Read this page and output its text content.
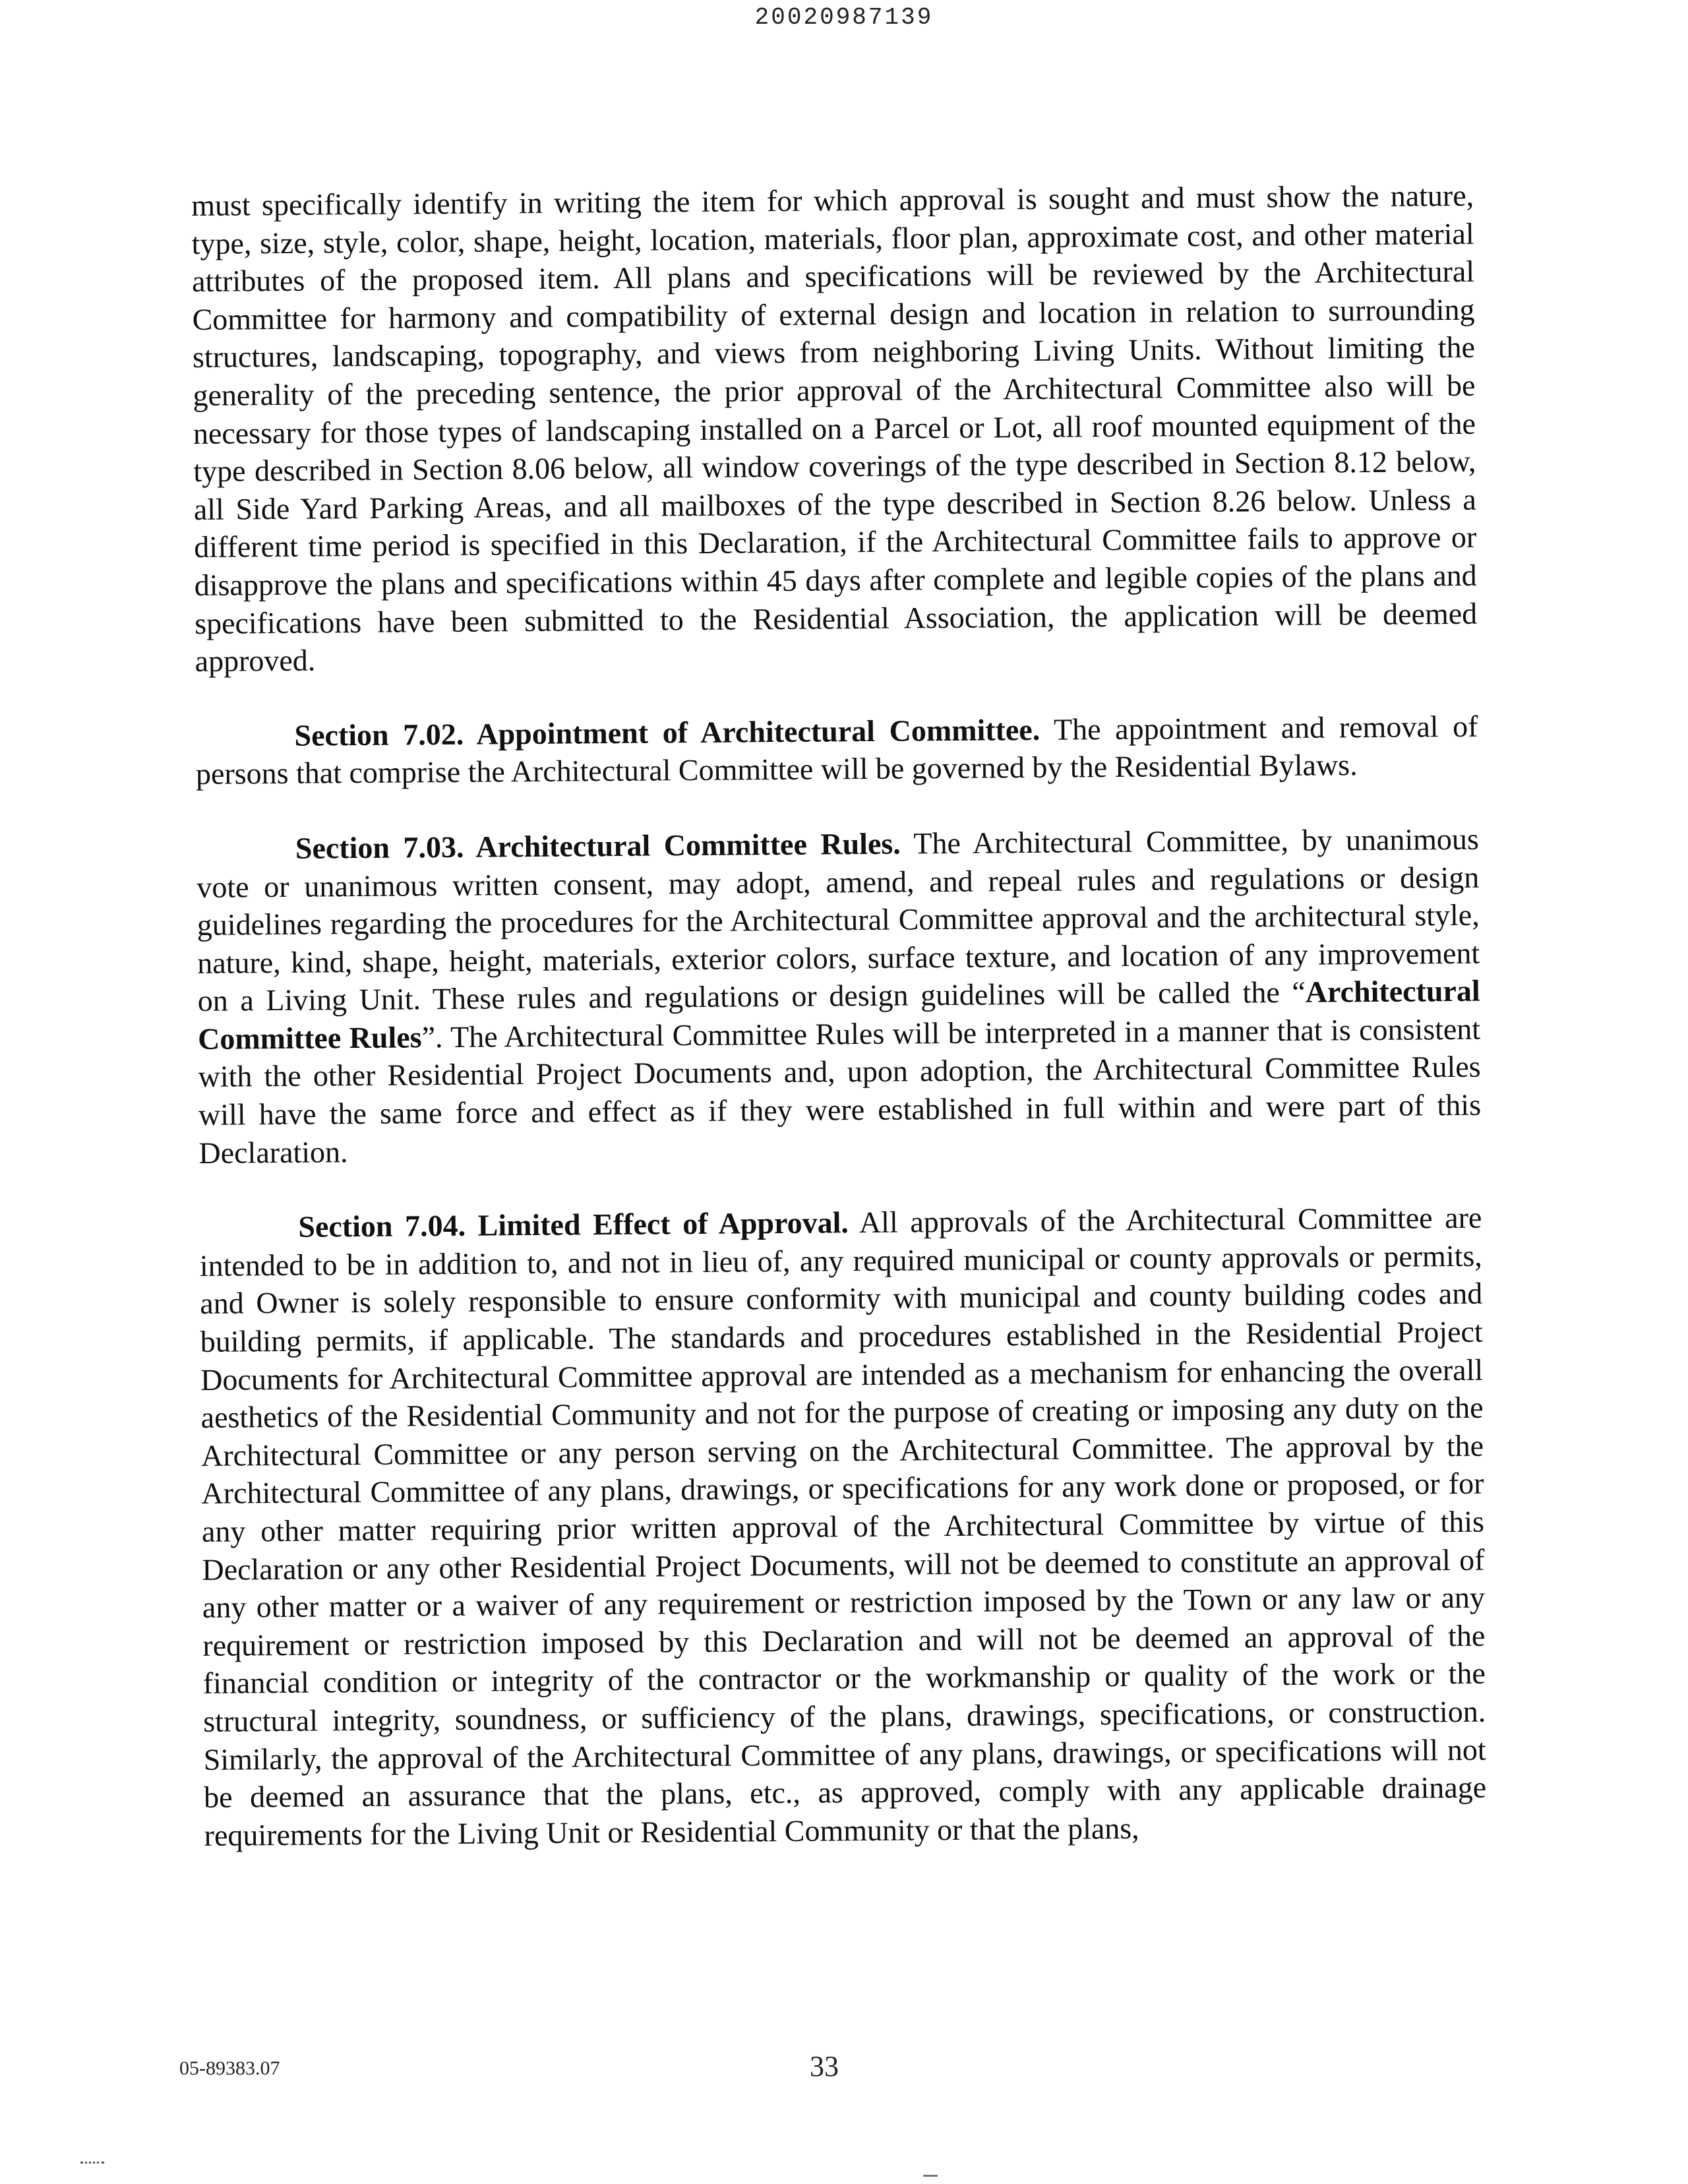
20020987139

must specifically identify in writing the item for which approval is sought and must show the nature, type, size, style, color, shape, height, location, materials, floor plan, approximate cost, and other material attributes of the proposed item. All plans and specifications will be reviewed by the Architectural Committee for harmony and compatibility of external design and location in relation to surrounding structures, landscaping, topography, and views from neighboring Living Units. Without limiting the generality of the preceding sentence, the prior approval of the Architectural Committee also will be necessary for those types of landscaping installed on a Parcel or Lot, all roof mounted equipment of the type described in Section 8.06 below, all window coverings of the type described in Section 8.12 below, all Side Yard Parking Areas, and all mailboxes of the type described in Section 8.26 below. Unless a different time period is specified in this Declaration, if the Architectural Committee fails to approve or disapprove the plans and specifications within 45 days after complete and legible copies of the plans and specifications have been submitted to the Residential Association, the application will be deemed approved.

Section 7.02. Appointment of Architectural Committee. The appointment and removal of persons that comprise the Architectural Committee will be governed by the Residential Bylaws.

Section 7.03. Architectural Committee Rules. The Architectural Committee, by unanimous vote or unanimous written consent, may adopt, amend, and repeal rules and regulations or design guidelines regarding the procedures for the Architectural Committee approval and the architectural style, nature, kind, shape, height, materials, exterior colors, surface texture, and location of any improvement on a Living Unit. These rules and regulations or design guidelines will be called the “Architectural Committee Rules”. The Architectural Committee Rules will be interpreted in a manner that is consistent with the other Residential Project Documents and, upon adoption, the Architectural Committee Rules will have the same force and effect as if they were established in full within and were part of this Declaration.

Section 7.04. Limited Effect of Approval. All approvals of the Architectural Committee are intended to be in addition to, and not in lieu of, any required municipal or county approvals or permits, and Owner is solely responsible to ensure conformity with municipal and county building codes and building permits, if applicable. The standards and procedures established in the Residential Project Documents for Architectural Committee approval are intended as a mechanism for enhancing the overall aesthetics of the Residential Community and not for the purpose of creating or imposing any duty on the Architectural Committee or any person serving on the Architectural Committee. The approval by the Architectural Committee of any plans, drawings, or specifications for any work done or proposed, or for any other matter requiring prior written approval of the Architectural Committee by virtue of this Declaration or any other Residential Project Documents, will not be deemed to constitute an approval of any other matter or a waiver of any requirement or restriction imposed by the Town or any law or any requirement or restriction imposed by this Declaration and will not be deemed an approval of the financial condition or integrity of the contractor or the workmanship or quality of the work or the structural integrity, soundness, or sufficiency of the plans, drawings, specifications, or construction. Similarly, the approval of the Architectural Committee of any plans, drawings, or specifications will not be deemed an assurance that the plans, etc., as approved, comply with any applicable drainage requirements for the Living Unit or Residential Community or that the plans,

05-89383.07	33
